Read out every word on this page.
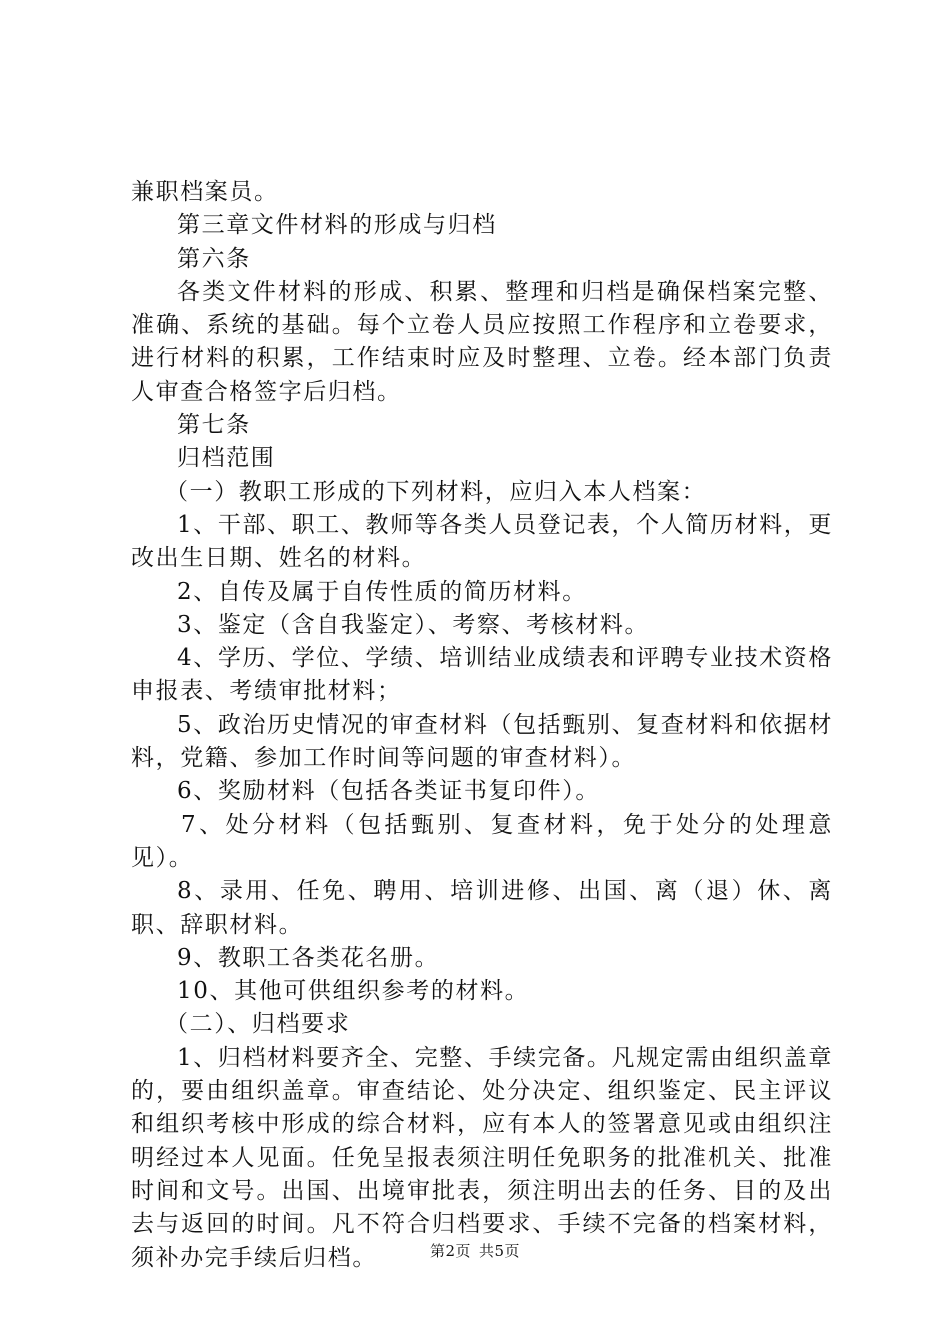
兼职档案员。

第三章文件材料的形成与归档

第六条

各类文件材料的形成、积累、整理和归档是确保档案完整、准确、系统的基础。每个立卷人员应按照工作程序和立卷要求，进行材料的积累，工作结束时应及时整理、立卷。经本部门负责人审查合格签字后归档。

第七条

归档范围

（一）教职工形成的下列材料，应归入本人档案：

1、干部、职工、教师等各类人员登记表，个人简历材料，更改出生日期、姓名的材料。

2、自传及属于自传性质的简历材料。

3、鉴定（含自我鉴定）、考察、考核材料。

4、学历、学位、学绩、培训结业成绩表和评聘专业技术资格申报表、考绩审批材料；

5、政治历史情况的审查材料（包括甄别、复查材料和依据材料，党籍、参加工作时间等问题的审查材料）。

6、奖励材料（包括各类证书复印件）。

7、处分材料（包括甄别、复查材料，免于处分的处理意见）。

8、录用、任免、聘用、培训进修、出国、离（退）休、离职、辞职材料。

9、教职工各类花名册。

10、其他可供组织参考的材料。

（二）、归档要求

1、归档材料要齐全、完整、手续完备。凡规定需由组织盖章的，要由组织盖章。审查结论、处分决定、组织鉴定、民主评议和组织考核中形成的综合材料，应有本人的签署意见或由组织注明经过本人见面。任免呈报表须注明任免职务的批准机关、批准时间和文号。出国、出境审批表，须注明出去的任务、目的及出去与返回的时间。凡不符合归档要求、手续不完备的档案材料，须补办完手续后归档。	第2页 共5页
